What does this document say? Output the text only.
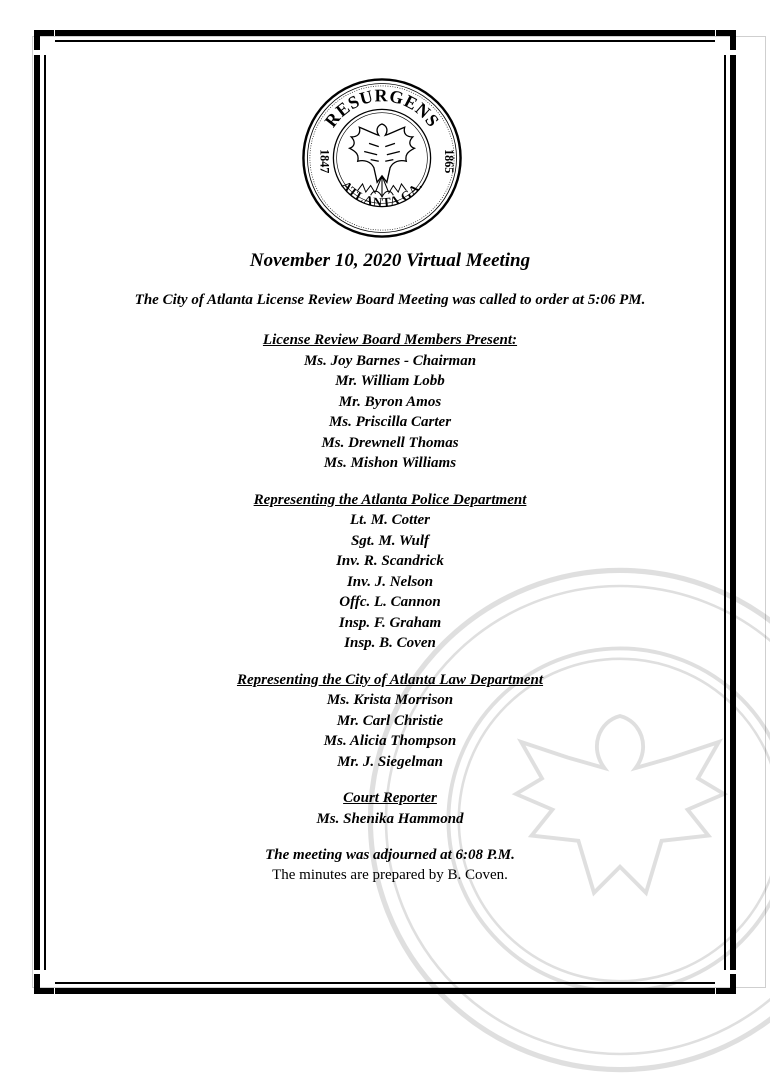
RESURGENS
ATLANTA GA.
1847	1865
November 10, 2020 Virtual Meeting
The City of Atlanta License Review Board Meeting was called to order at 5:06 PM.
License Review Board Members Present:
Ms. Joy Barnes - Chairman
Mr. William Lobb
Mr. Byron Amos
Ms. Priscilla Carter
Ms. Drewnell Thomas
Ms. Mishon Williams
Representing the Atlanta Police Department
Lt. M. Cotter
Sgt. M. Wulf
Inv. R. Scandrick
Inv. J. Nelson
Offc. L. Cannon
Insp. F. Graham
Insp. B. Coven
Representing the City of Atlanta Law Department
Ms. Krista Morrison
Mr. Carl Christie
Ms. Alicia Thompson
Mr. J. Siegelman
Court Reporter
Ms. Shenika Hammond
The meeting was adjourned at 6:08 P.M.
The minutes are prepared by B. Coven.
